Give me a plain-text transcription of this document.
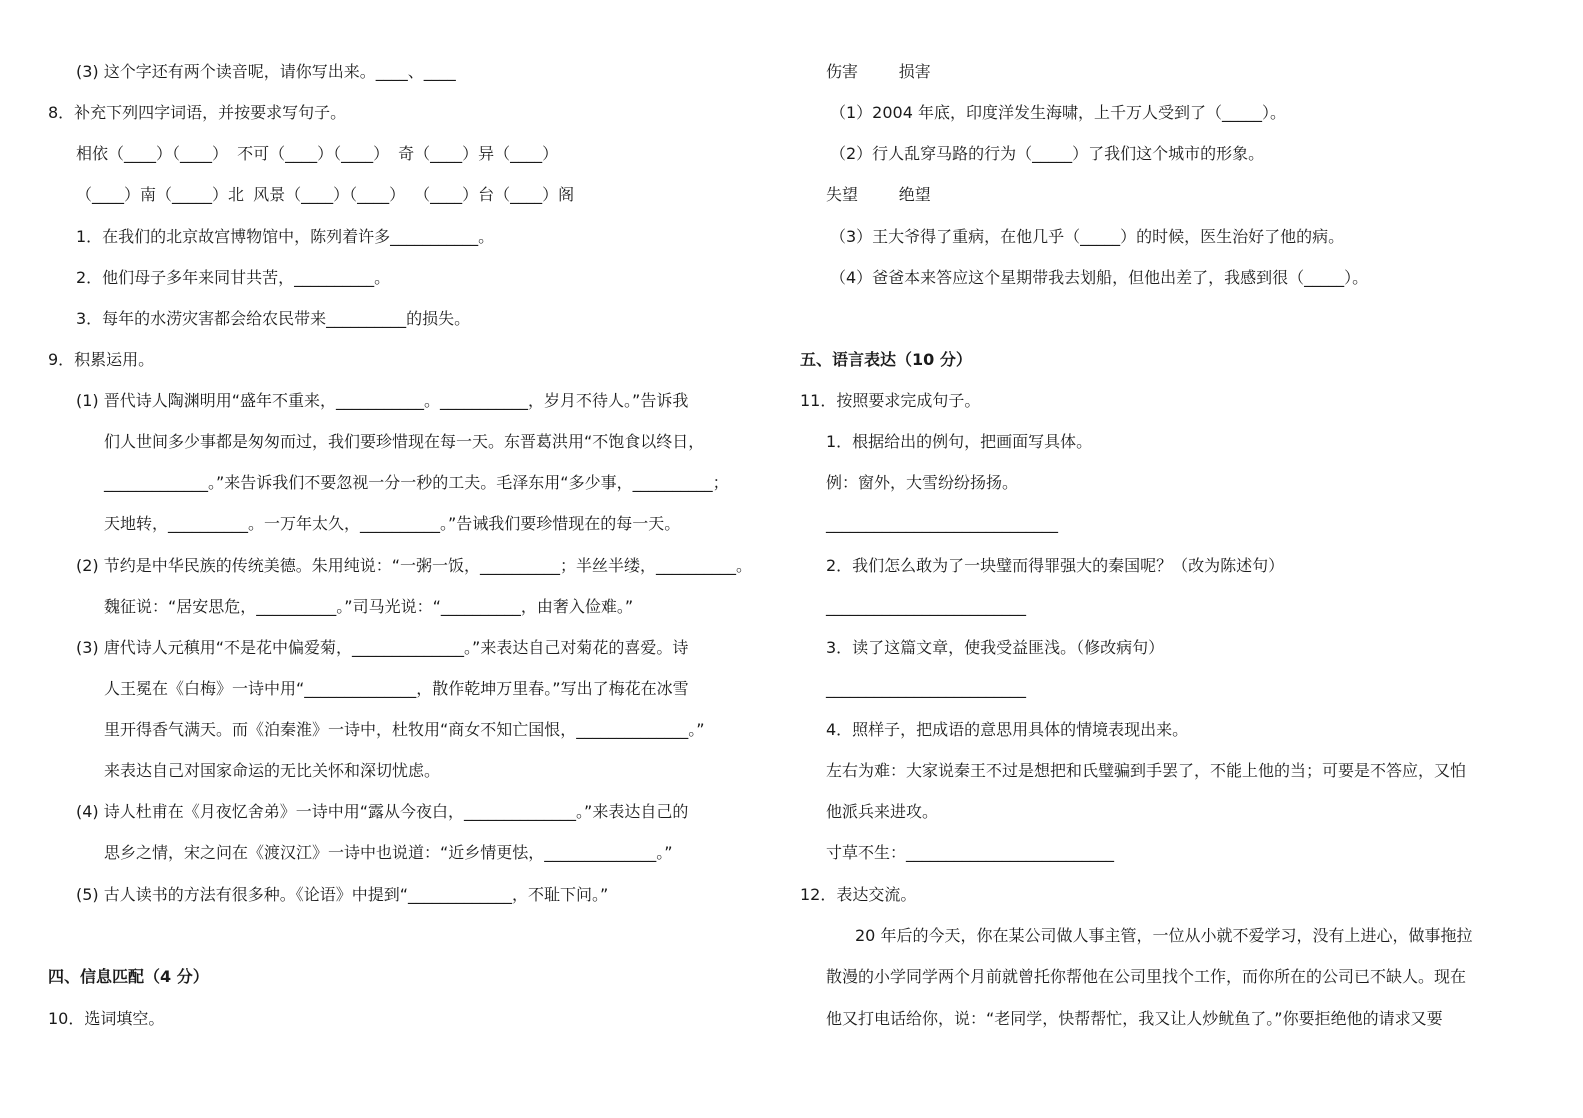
(3) 这个字还有两个读音呢，请你写出来。____、____
8．补充下列四字词语，并按要求写句子。
相依（____）（____） 不可（____）（____） 奇（____）异（____）
（____）南（_____）北 风景（____）（____） （____）台（____）阁
1．在我们的北京故宫博物馆中，陈列着许多___________。
2．他们母子多年来同甘共苦，__________。
3．每年的水涝灾害都会给农民带来__________的损失。
9．积累运用。
(1) 晋代诗人陶渊明用“盛年不重来，___________。___________，岁月不待人。”告诉我
们人世间多少事都是匆匆而过，我们要珍惜现在每一天。东晋葛洪用“不饱食以终日，
_____________。”来告诉我们不要忽视一分一秒的工夫。毛泽东用“多少事，__________；
天地转，__________。一万年太久，__________。”告诫我们要珍惜现在的每一天。
(2) 节约是中华民族的传统美德。朱用纯说：“一粥一饭，__________；半丝半缕，__________。
魏征说：“居安思危，__________。”司马光说：“__________，由奢入俭难。”
(3) 唐代诗人元稹用“不是花中偏爱菊，______________。”来表达自己对菊花的喜爱。诗
人王冕在《白梅》一诗中用“______________，散作乾坤万里春。”写出了梅花在冰雪
里开得香气满天。而《泊秦淮》一诗中，杜牧用“商女不知亡国恨，______________。”
来表达自己对国家命运的无比关怀和深切忧虑。
(4) 诗人杜甫在《月夜忆舍弟》一诗中用“露从今夜白，______________。”来表达自己的
思乡之情，宋之问在《渡汉江》一诗中也说道：“近乡情更怯，______________。”
(5) 古人读书的方法有很多种。《论语》中提到“_____________，不耻下问。”
四、信息匹配（4 分）
10．选词填空。
伤害        损害
（1）2004 年底，印度洋发生海啸，上千万人受到了（_____）。
（2）行人乱穿马路的行为（_____）了我们这个城市的形象。
失望        绝望
（3）王大爷得了重病，在他几乎（_____）的时候，医生治好了他的病。
（4）爸爸本来答应这个星期带我去划船，但他出差了，我感到很（_____）。
五、语言表达（10 分）
11．按照要求完成句子。
1．根据给出的例句，把画面写具体。
例：窗外，大雪纷纷扬扬。
_____________________________
2．我们怎么敢为了一块璧而得罪强大的秦国呢？（改为陈述句）
_________________________
3．读了这篇文章，使我受益匪浅。（修改病句）
_________________________
4．照样子，把成语的意思用具体的情境表现出来。
左右为难：大家说秦王不过是想把和氏璧骗到手罢了，不能上他的当；可要是不答应，又怕
他派兵来进攻。
寸草不生：__________________________
12．表达交流。
20 年后的今天，你在某公司做人事主管，一位从小就不爱学习，没有上进心，做事拖拉
散漫的小学同学两个月前就曾托你帮他在公司里找个工作，而你所在的公司已不缺人。现在
他又打电话给你，说：“老同学，快帮帮忙，我又让人炒鱿鱼了。”你要拒绝他的请求又要
